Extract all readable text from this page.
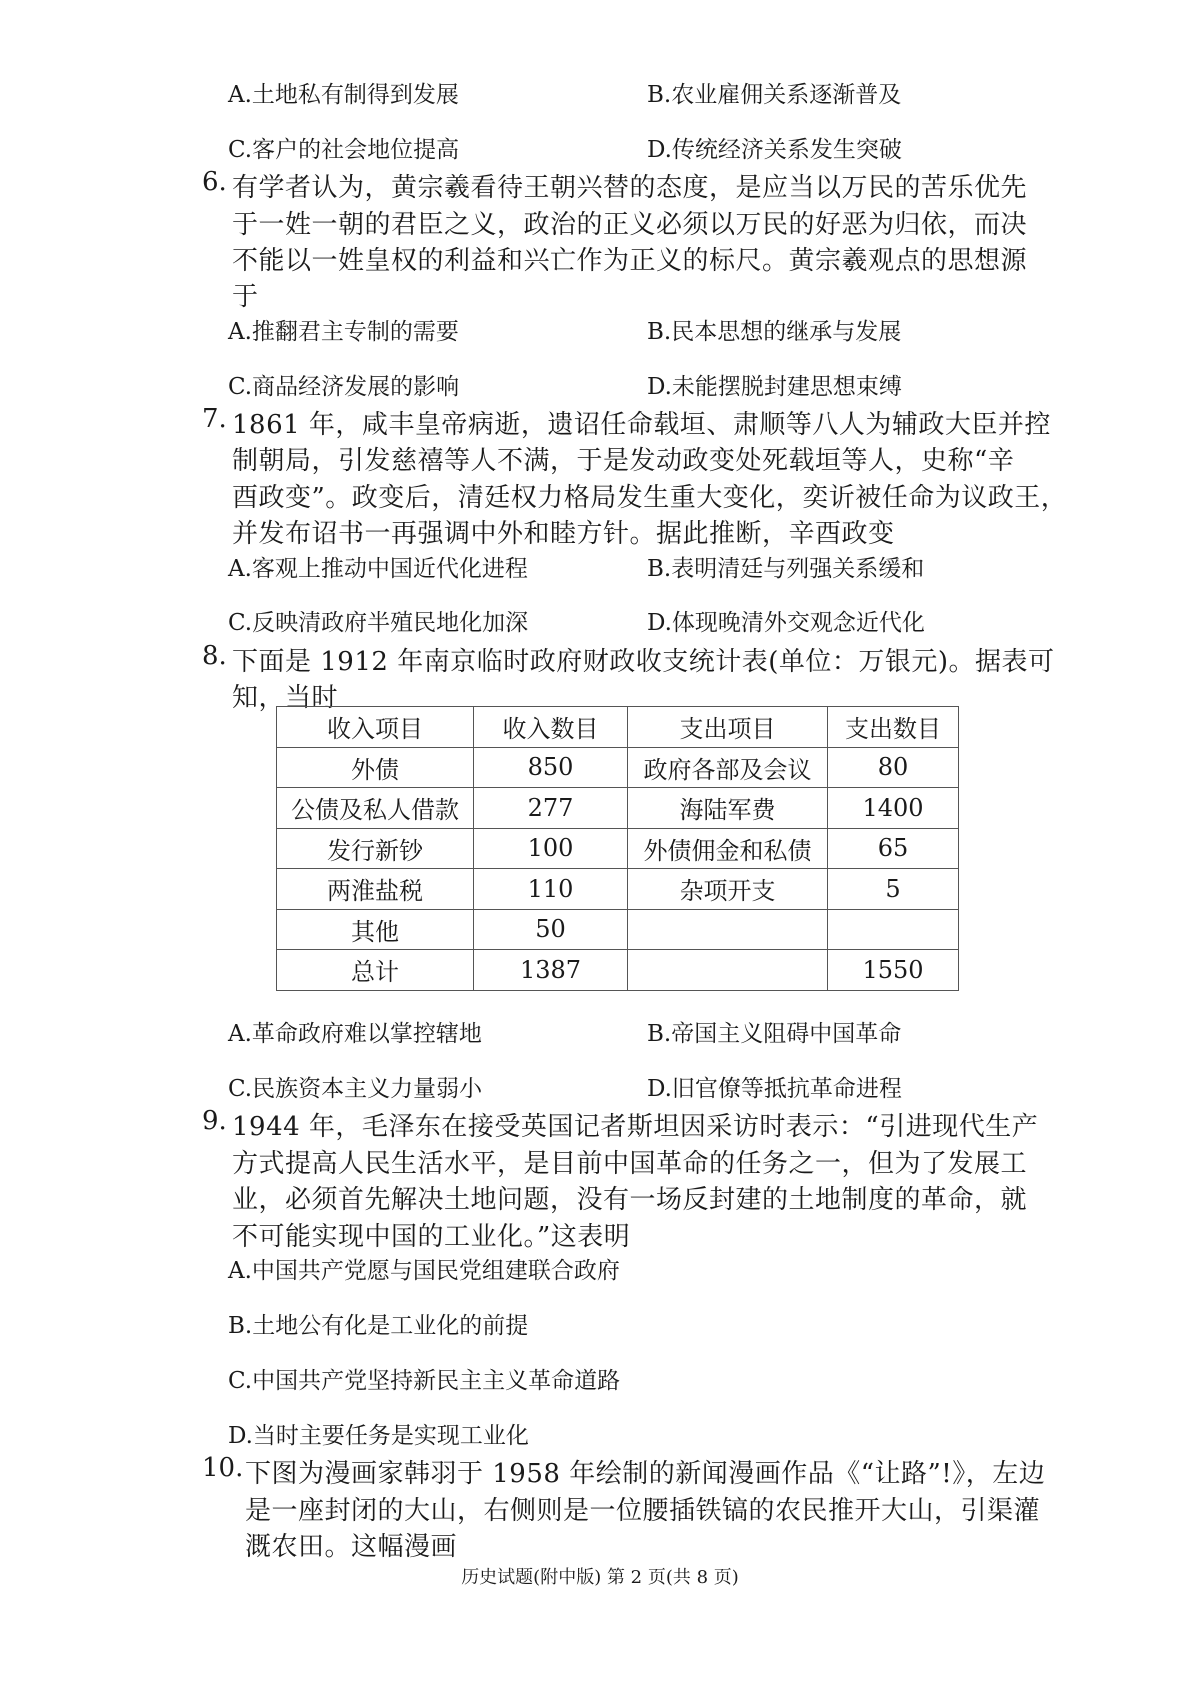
A.土地私有制得到发展	B.农业雇佣关系逐渐普及
C.客户的社会地位提高	D.传统经济关系发生突破
6. 有学者认为，黄宗羲看待王朝兴替的态度，是应当以万民的苦乐优先
于一姓一朝的君臣之义，政治的正义必须以万民的好恶为归依，而决
不能以一姓皇权的利益和兴亡作为正义的标尺。黄宗羲观点的思想源
于
A.推翻君主专制的需要	B.民本思想的继承与发展
C.商品经济发展的影响	D.未能摆脱封建思想束缚
7. 1861 年，咸丰皇帝病逝，遗诏任命载垣、肃顺等八人为辅政大臣并控
制朝局，引发慈禧等人不满，于是发动政变处死载垣等人，史称“辛
酉政变”。政变后，清廷权力格局发生重大变化，奕䜣被任命为议政王，
并发布诏书一再强调中外和睦方针。据此推断，辛酉政变
A.客观上推动中国近代化进程	B.表明清廷与列强关系缓和
C.反映清政府半殖民地化加深	D.体现晚清外交观念近代化
8. 下面是 1912 年南京临时政府财政收支统计表(单位：万银元)。据表可
知，当时
收入项目	收入数目	支出项目	支出数目
外债	850	政府各部及会议	80
公债及私人借款	277	海陆军费	1400
发行新钞	100	外债佣金和私债	65
两淮盐税	110	杂项开支	5
其他	50		
总计	1387		1550
A.革命政府难以掌控辖地	B.帝国主义阻碍中国革命
C.民族资本主义力量弱小	D.旧官僚等抵抗革命进程
9. 1944 年，毛泽东在接受英国记者斯坦因采访时表示：“引进现代生产
方式提高人民生活水平，是目前中国革命的任务之一，但为了发展工
业，必须首先解决土地问题，没有一场反封建的土地制度的革命，就
不可能实现中国的工业化。”这表明
A.中国共产党愿与国民党组建联合政府
B.土地公有化是工业化的前提
C.中国共产党坚持新民主主义革命道路
D.当时主要任务是实现工业化
10. 下图为漫画家韩羽于 1958 年绘制的新闻漫画作品《“让路”!》，左边
是一座封闭的大山，右侧则是一位腰插铁镐的农民推开大山，引渠灌
溉农田。这幅漫画
历史试题(附中版) 第 2 页(共 8 页)
